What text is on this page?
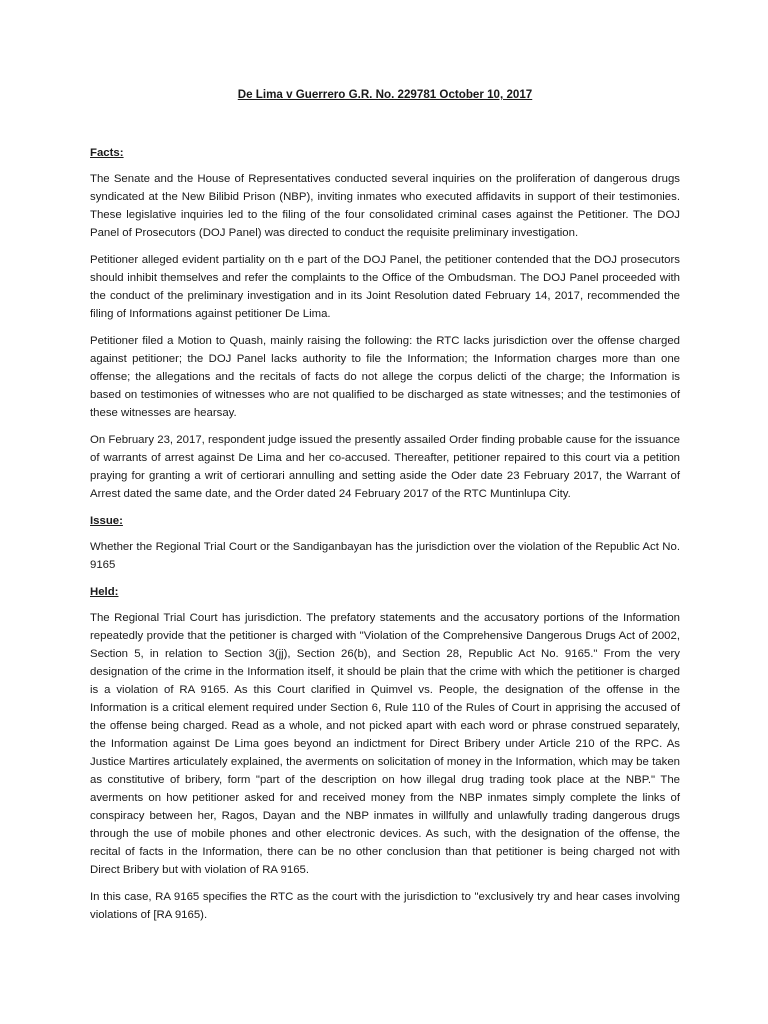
De Lima v Guerrero G.R. No. 229781 October 10, 2017
Facts:

The Senate and the House of Representatives conducted several inquiries on the proliferation of dangerous drugs syndicated at the New Bilibid Prison (NBP), inviting inmates who executed affidavits in support of their testimonies. These legislative inquiries led to the filing of the four consolidated criminal cases against the Petitioner. The DOJ Panel of Prosecutors (DOJ Panel) was directed to conduct the requisite preliminary investigation.

Petitioner alleged evident partiality on th e part of the DOJ Panel, the petitioner contended that the DOJ prosecutors should inhibit themselves and refer the complaints to the Office of the Ombudsman. The DOJ Panel proceeded with the conduct of the preliminary investigation and in its Joint Resolution dated February 14, 2017, recommended the filing of Informations against petitioner De Lima.

Petitioner filed a Motion to Quash, mainly raising the following: the RTC lacks jurisdiction over the offense charged against petitioner; the DOJ Panel lacks authority to file the Information; the Information charges more than one offense; the allegations and the recitals of facts do not allege the corpus delicti of the charge; the Information is based on testimonies of witnesses who are not qualified to be discharged as state witnesses; and the testimonies of these witnesses are hearsay.

On February 23, 2017, respondent judge issued the presently assailed Order finding probable cause for the issuance of warrants of arrest against De Lima and her co-accused. Thereafter, petitioner repaired to this court via a petition praying for granting a writ of certiorari annulling and setting aside the Oder date 23 February 2017, the Warrant of Arrest dated the same date, and the Order dated 24 February 2017 of the RTC Muntinlupa City.

Issue:

Whether the Regional Trial Court or the Sandiganbayan has the jurisdiction over the violation of the Republic Act No. 9165

Held:

The Regional Trial Court has jurisdiction. The prefatory statements and the accusatory portions of the Information repeatedly provide that the petitioner is charged with "Violation of the Comprehensive Dangerous Drugs Act of 2002, Section 5, in relation to Section 3(jj), Section 26(b), and Section 28, Republic Act No. 9165." From the very designation of the crime in the Information itself, it should be plain that the crime with which the petitioner is charged is a violation of RA 9165. As this Court clarified in Quimvel vs. People, the designation of the offense in the Information is a critical element required under Section 6, Rule 110 of the Rules of Court in apprising the accused of the offense being charged. Read as a whole, and not picked apart with each word or phrase construed separately, the Information against De Lima goes beyond an indictment for Direct Bribery under Article 210 of the RPC. As Justice Martires articulately explained, the averments on solicitation of money in the Information, which may be taken as constitutive of bribery, form "part of the description on how illegal drug trading took place at the NBP." The averments on how petitioner asked for and received money from the NBP inmates simply complete the links of conspiracy between her, Ragos, Dayan and the NBP inmates in willfully and unlawfully trading dangerous drugs through the use of mobile phones and other electronic devices. As such, with the designation of the offense, the recital of facts in the Information, there can be no other conclusion than that petitioner is being charged not with Direct Bribery but with violation of RA 9165.

In this case, RA 9165 specifies the RTC as the court with the jurisdiction to "exclusively try and hear cases involving violations of [RA 9165).
